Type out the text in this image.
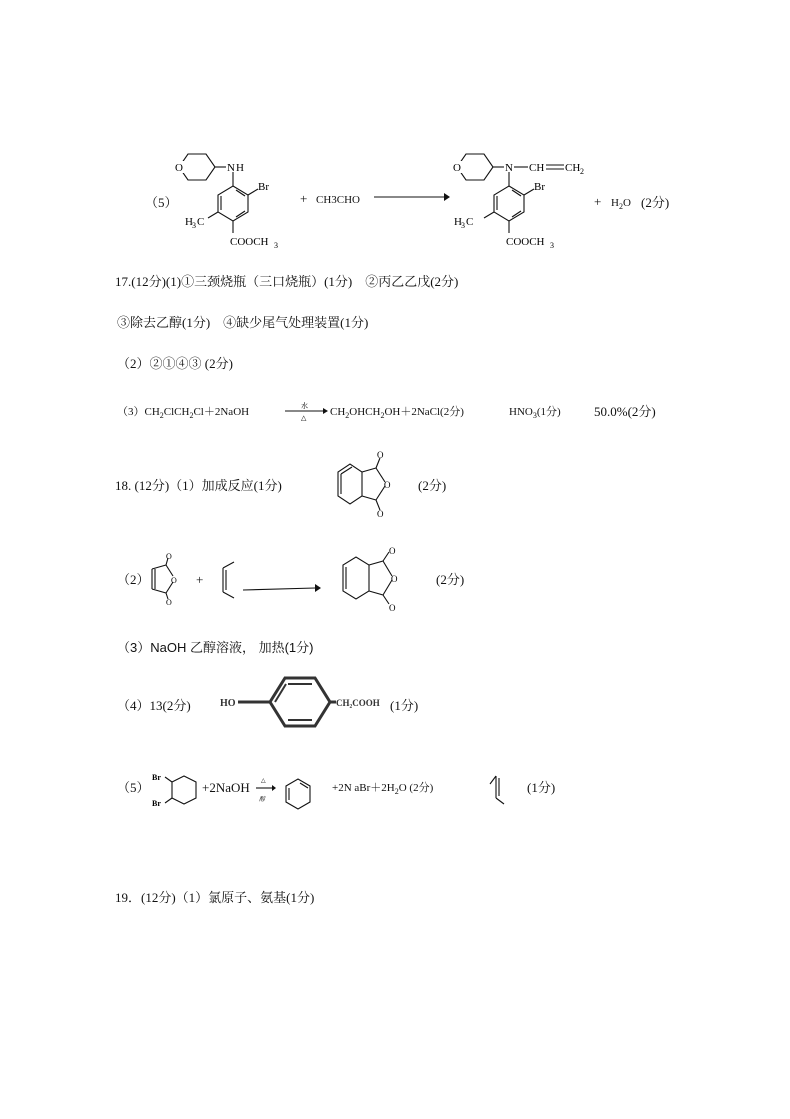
（5）
O	N H
Br
H 3 C
COOCH 3
+ CH3CHO
O	N CH CH 2
Br
H 3 C
COOCH 3
+ $H_2O$ (2分)
17.(12分)(1)①三颈烧瓶（三口烧瓶）(1分)　②丙乙乙戊(2分)
③除去乙醇(1分)　④缺少尾气处理装置(1分)
（2）②①④③ (2分)
$(3)CH_2ClCH_2Cl+2NaOH$	水
△ $CH_2OHCH_2OH+2NaCl(2$分)	$HNO_3(1$分)	50.0%(2分)
18. (12分)（1）加成反应(1分)	O
O
O
(2分)
（2）	O
O
O
+	O
O
O
(2分)
（3）NaOH 乙醇溶液， 加热(1分)
（4）13(2分)	HO	CH₂COOH (1分)
（5）
Br
Br
+2NaOH △
醇
+2N $aBr+2H_2O$ (2分)	(1分)
19．(12分)（1）氯原子、氨基(1分)
